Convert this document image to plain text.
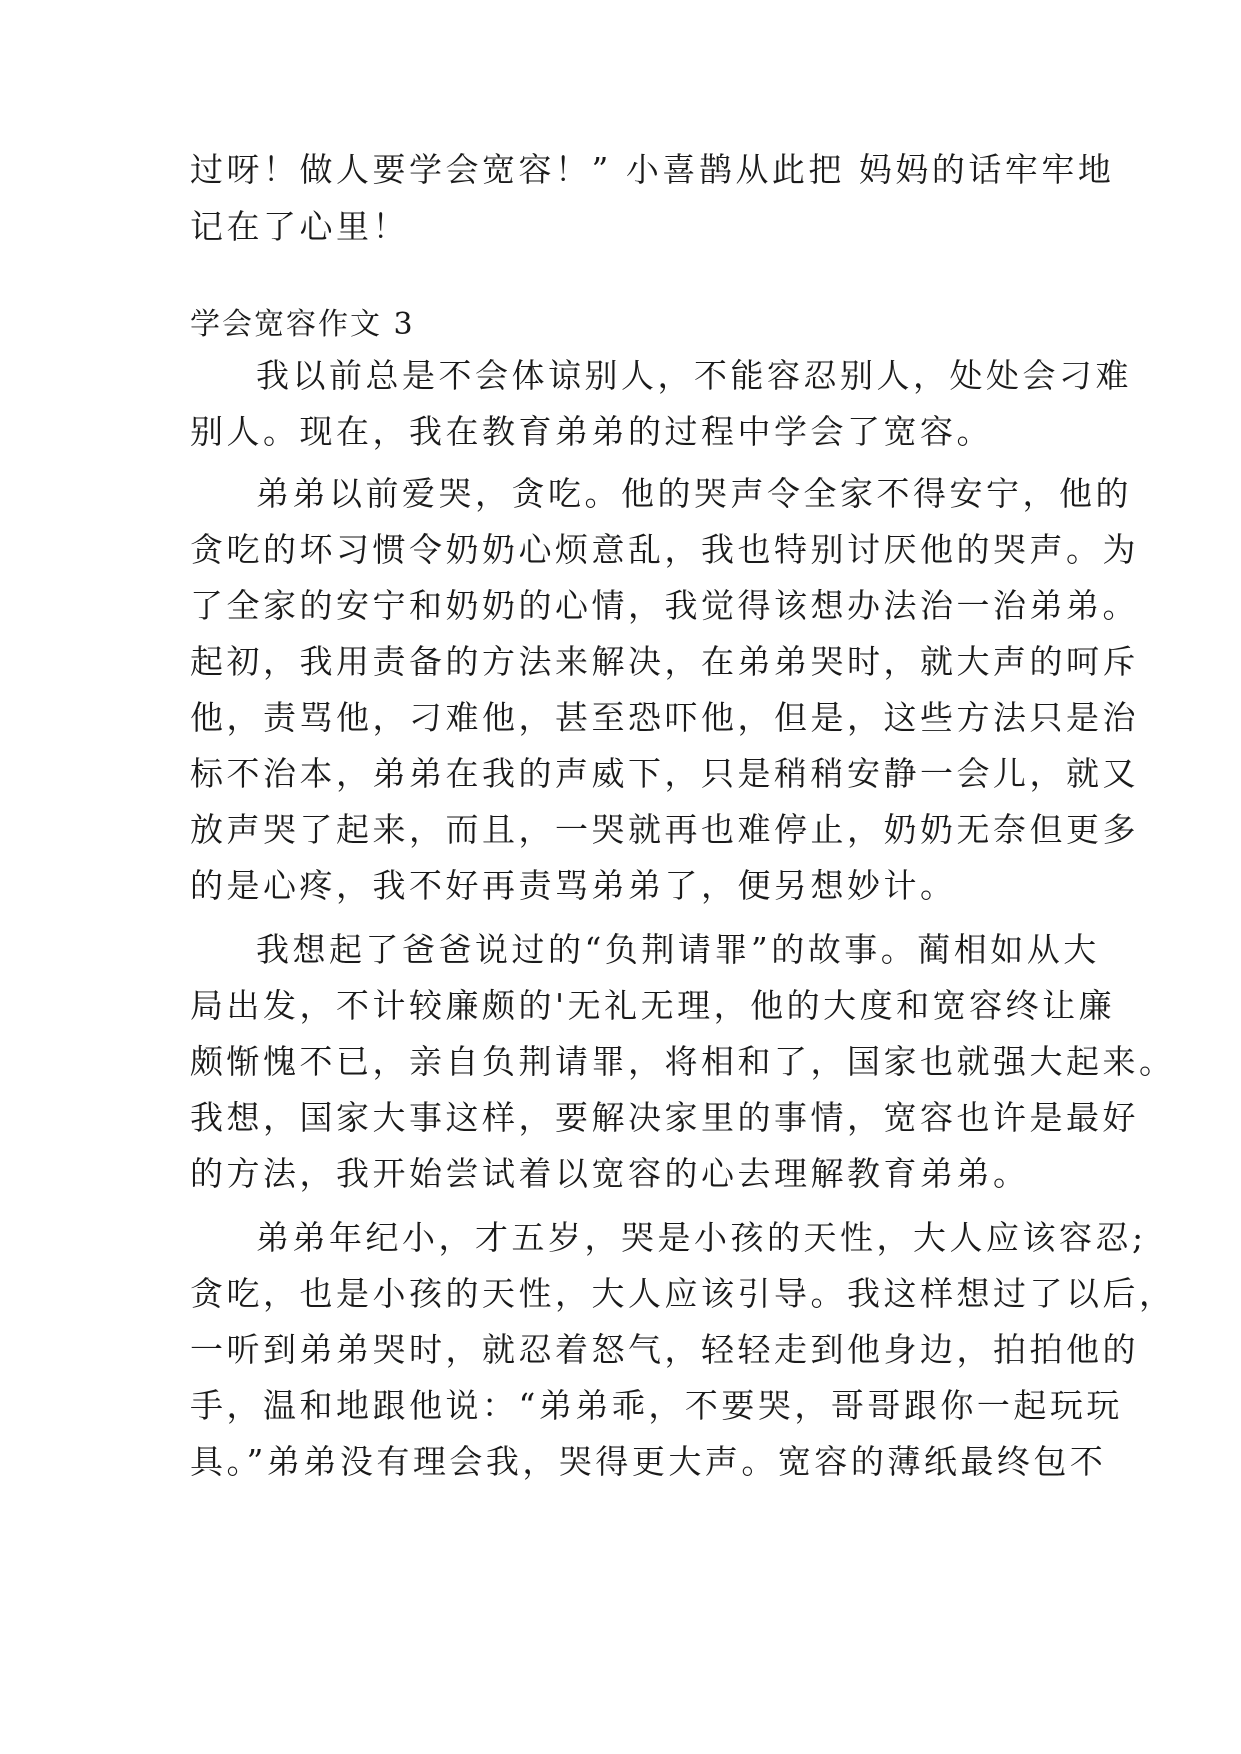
过呀！做人要学会宽容！” 小喜鹊从此把 妈妈的话牢牢地
记在了心里！
学会宽容作文 3
我以前总是不会体谅别人，不能容忍别人，处处会刁难
别人。现在，我在教育弟弟的过程中学会了宽容。
弟弟以前爱哭，贪吃。他的哭声令全家不得安宁，他的
贪吃的坏习惯令奶奶心烦意乱，我也特别讨厌他的哭声。为
了全家的安宁和奶奶的心情，我觉得该想办法治一治弟弟。
起初，我用责备的方法来解决，在弟弟哭时，就大声的呵斥
他，责骂他，刁难他，甚至恐吓他，但是，这些方法只是治
标不治本，弟弟在我的声威下，只是稍稍安静一会儿，就又
放声哭了起来，而且，一哭就再也难停止，奶奶无奈但更多
的是心疼，我不好再责骂弟弟了，便另想妙计。
我想起了爸爸说过的“负荆请罪”的故事。蔺相如从大
局出发，不计较廉颇的'无礼无理，他的大度和宽容终让廉
颇惭愧不已，亲自负荆请罪，将相和了，国家也就强大起来。
我想，国家大事这样，要解决家里的事情，宽容也许是最好
的方法，我开始尝试着以宽容的心去理解教育弟弟。
弟弟年纪小，才五岁，哭是小孩的天性，大人应该容忍;
贪吃，也是小孩的天性，大人应该引导。我这样想过了以后，
一听到弟弟哭时，就忍着怒气，轻轻走到他身边，拍拍他的
手，温和地跟他说：“弟弟乖，不要哭，哥哥跟你一起玩玩
具。”弟弟没有理会我，哭得更大声。宽容的薄纸最终包不
